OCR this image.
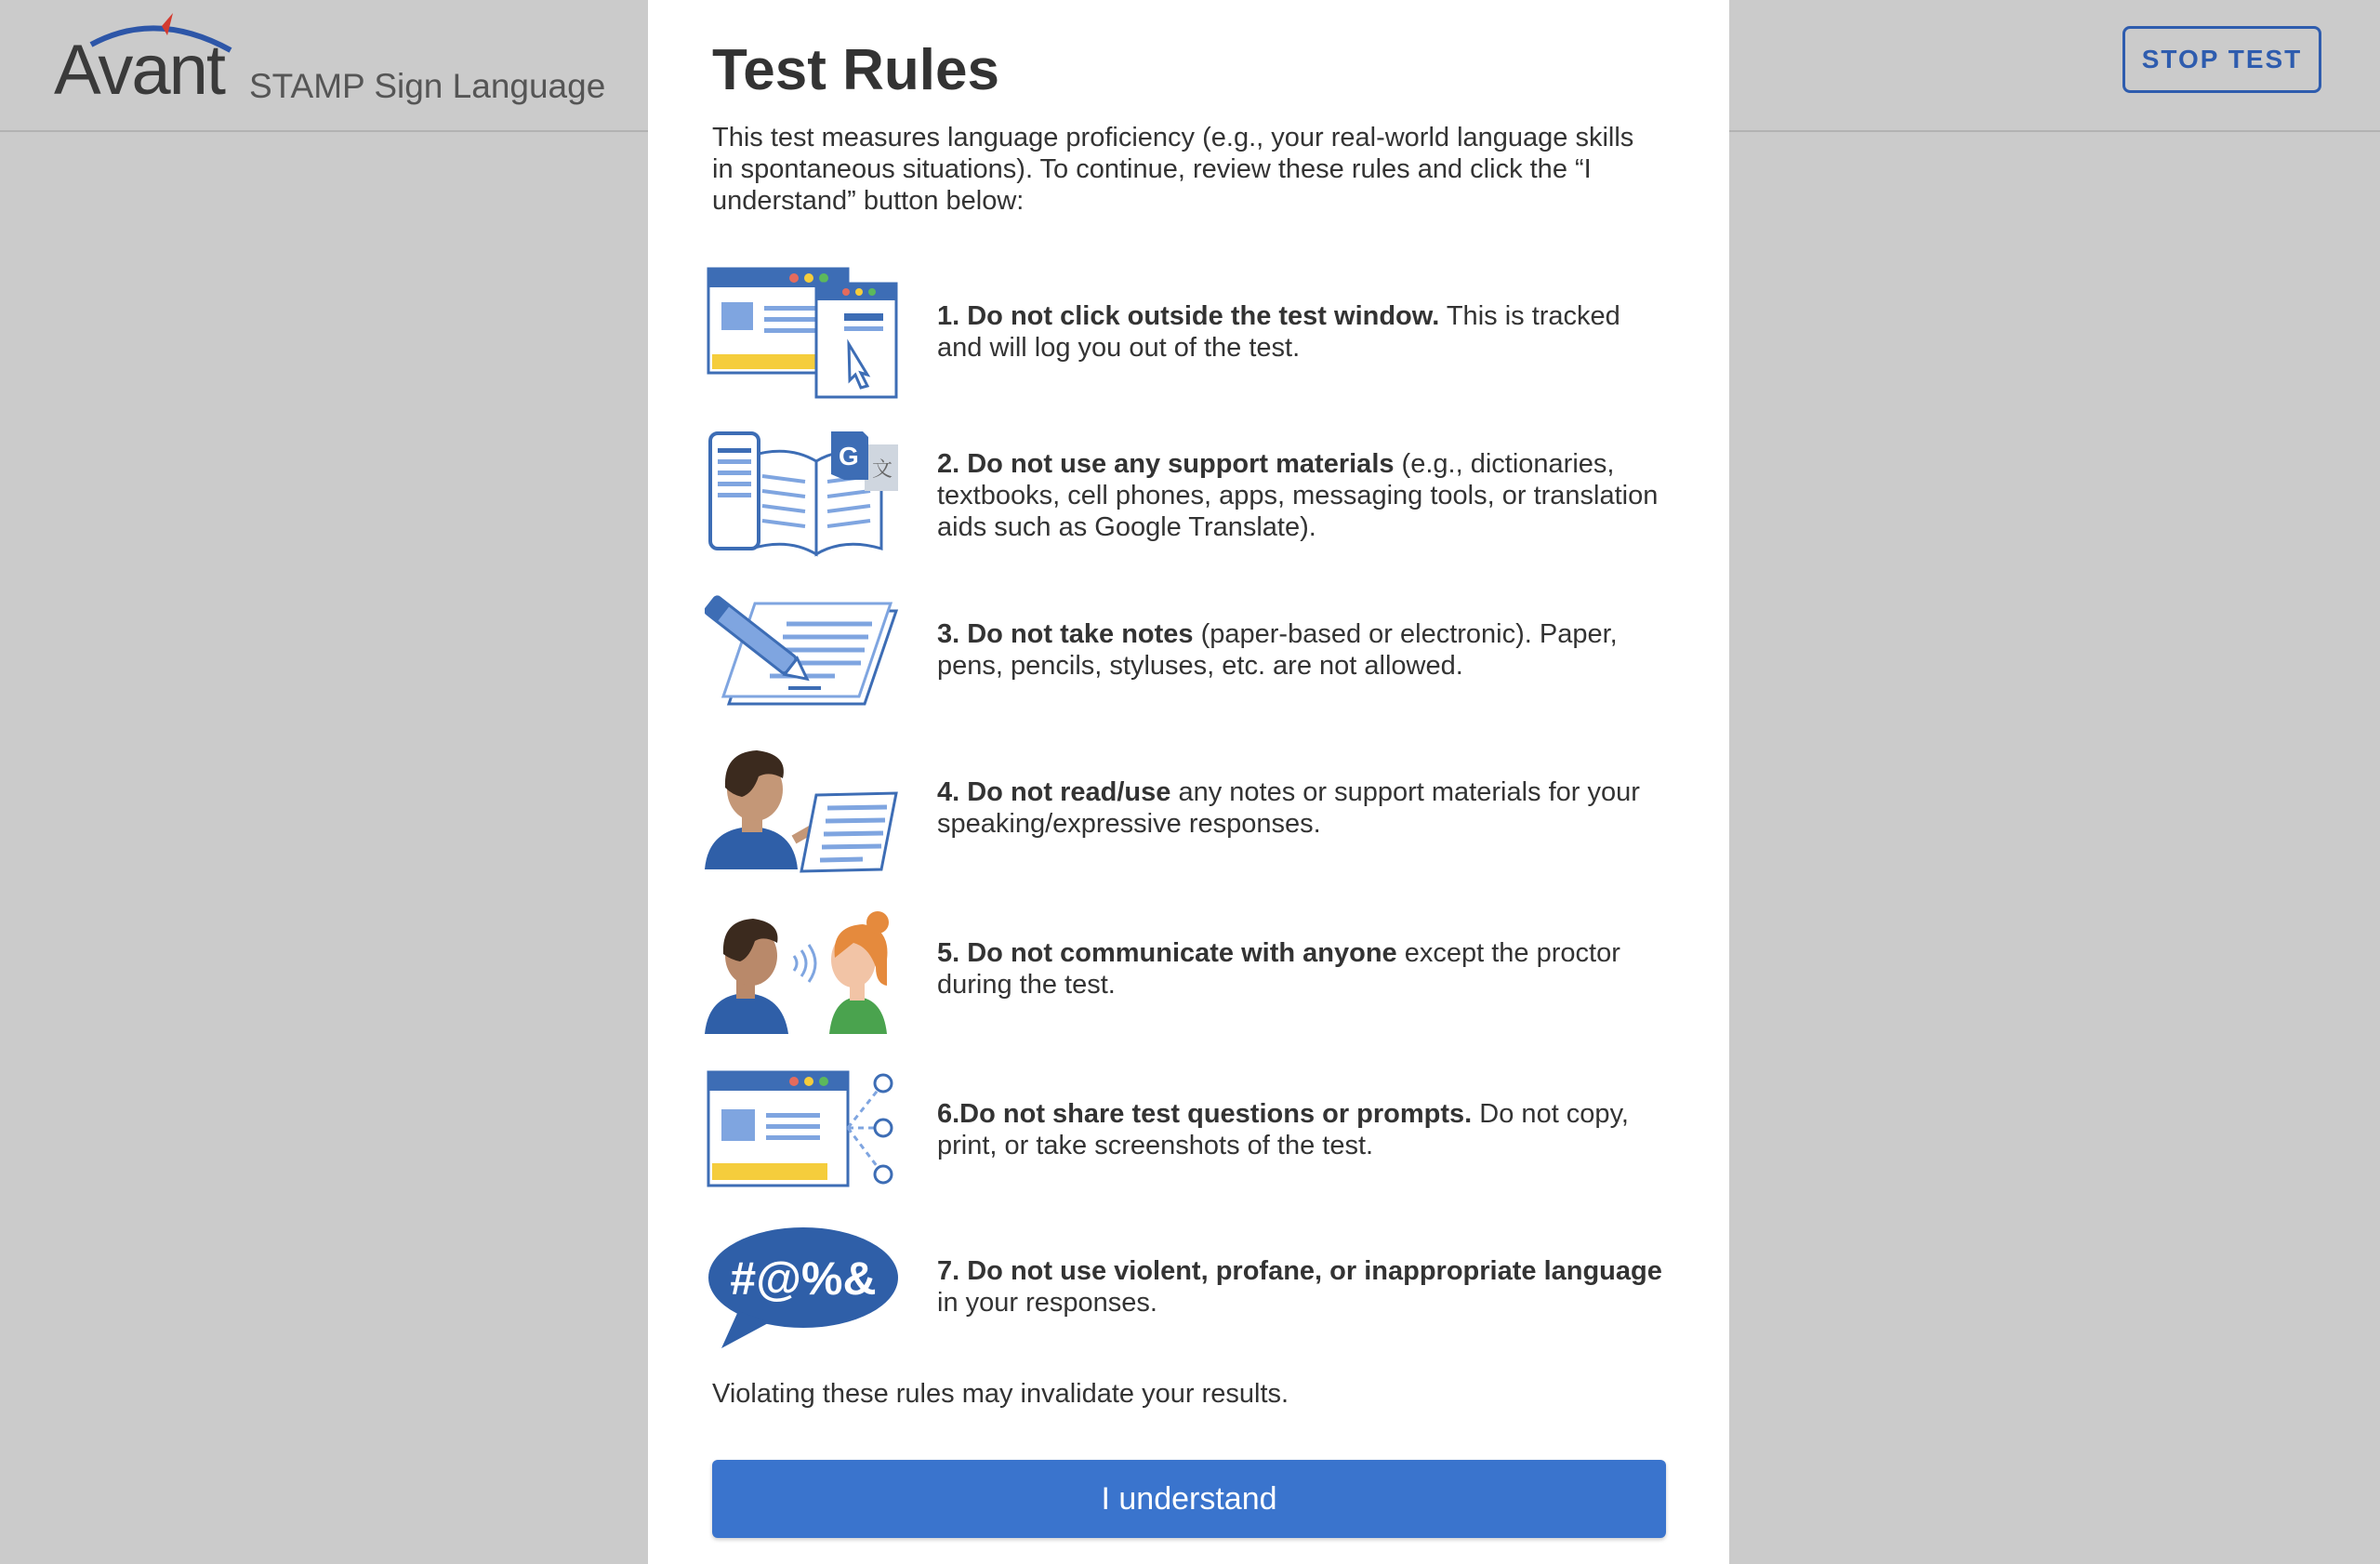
Avant STAMP Sign Language
STOP TEST
Test Rules
This test measures language proficiency (e.g., your real-world language skills in spontaneous situations). To continue, review these rules and click the “I understand” button below:
1. Do not click outside the test window. This is tracked and will log you out of the test.
G 文 2. Do not use any support materials (e.g., dictionaries, textbooks, cell phones, apps, messaging tools, or translation aids such as Google Translate).
3. Do not take notes (paper-based or electronic). Paper, pens, pencils, styluses, etc. are not allowed.
4. Do not read/use any notes or support materials for your speaking/expressive responses.
5. Do not communicate with anyone except the proctor during the test.
6.Do not share test questions or prompts. Do not copy, print, or take screenshots of the test.
#@%& 7. Do not use violent, profane, or inappropriate language in your responses.
Violating these rules may invalidate your results.
I understand
